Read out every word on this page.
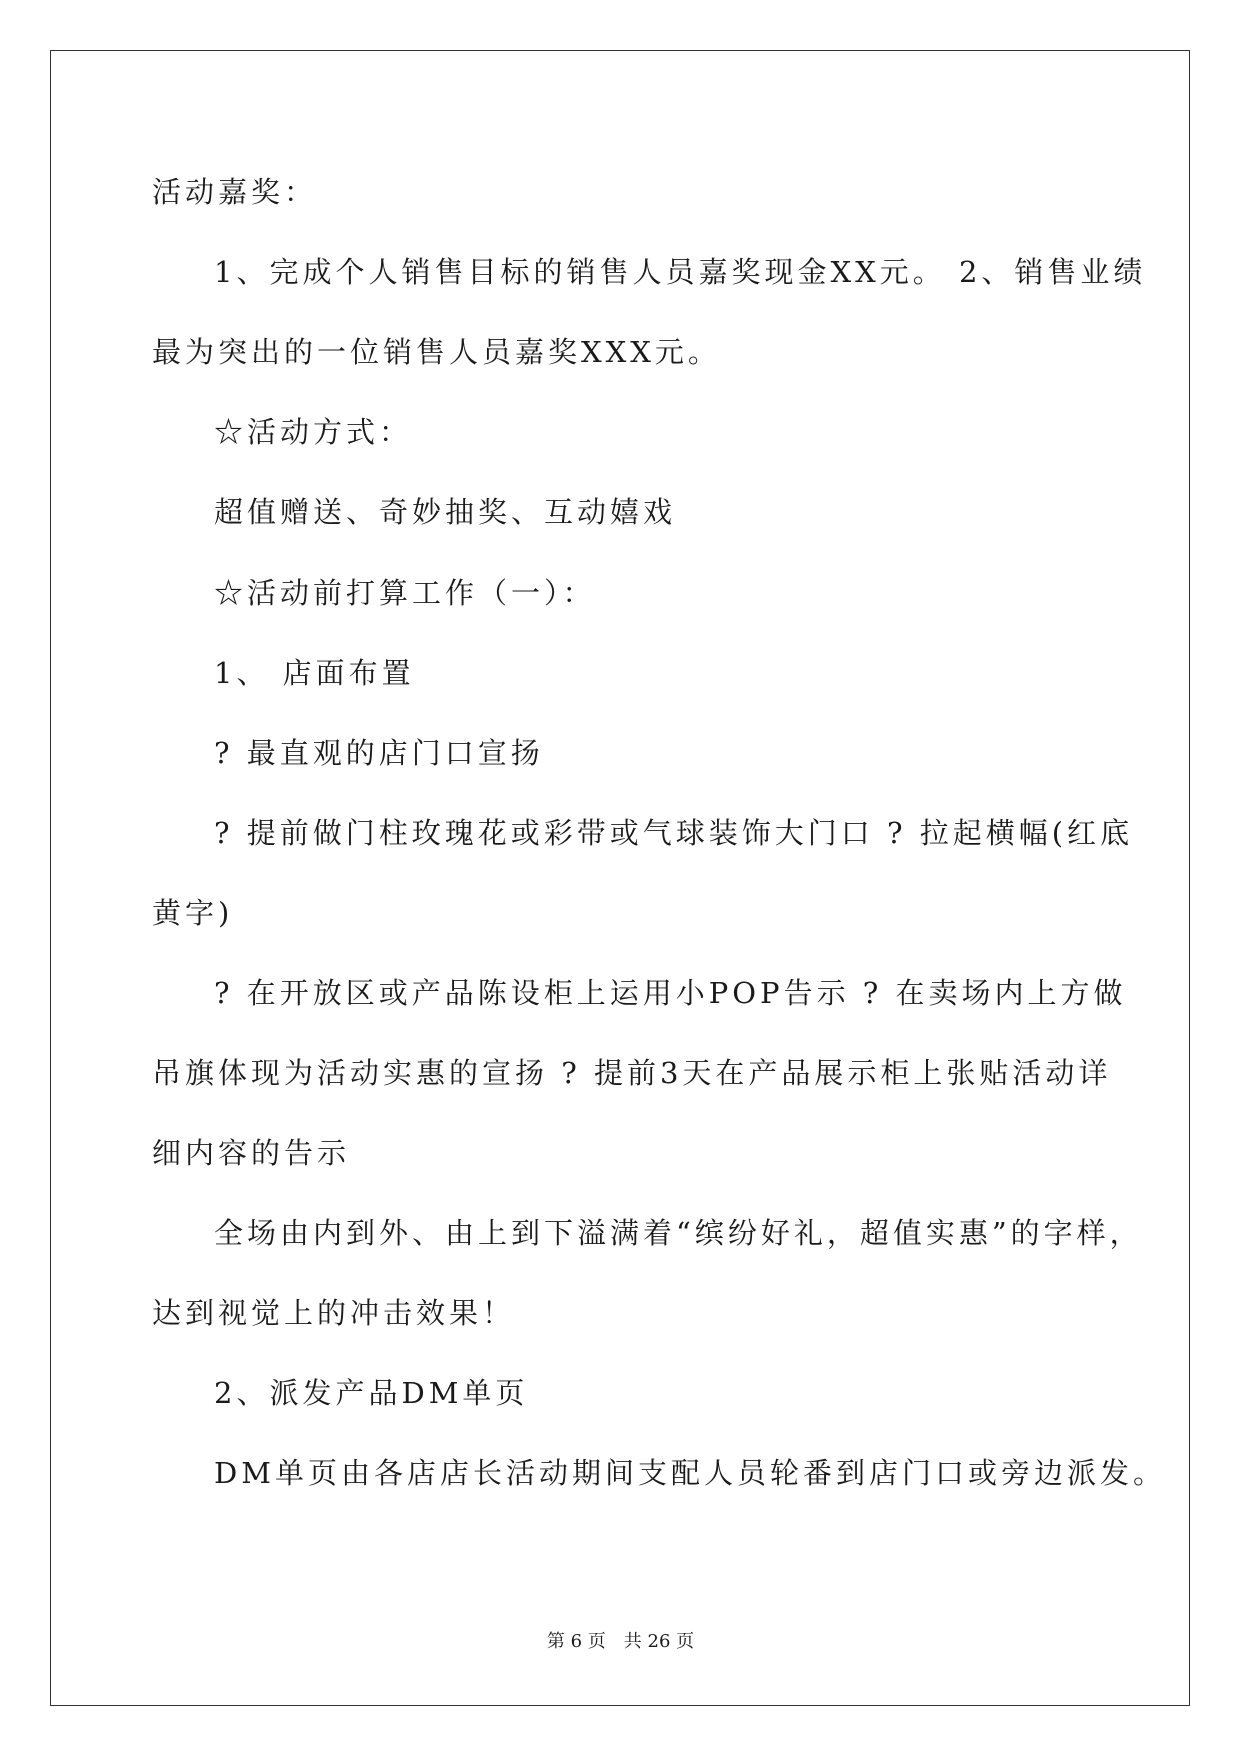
活动嘉奖：
1、完成个人销售目标的销售人员嘉奖现金XX元。 2、销售业绩
最为突出的一位销售人员嘉奖XXX元。
☆活动方式：
超值赠送、奇妙抽奖、互动嬉戏
☆活动前打算工作（一）：
1、 店面布置
? 最直观的店门口宣扬
? 提前做门柱玫瑰花或彩带或气球装饰大门口 ? 拉起横幅(红底
黄字)
? 在开放区或产品陈设柜上运用小POP告示 ? 在卖场内上方做
吊旗体现为活动实惠的宣扬 ? 提前3天在产品展示柜上张贴活动详
细内容的告示
全场由内到外、由上到下溢满着“缤纷好礼，超值实惠”的字样，
达到视觉上的冲击效果！
2、派发产品DM单页
DM单页由各店店长活动期间支配人员轮番到店门口或旁边派发。
第 6 页　共 26 页
